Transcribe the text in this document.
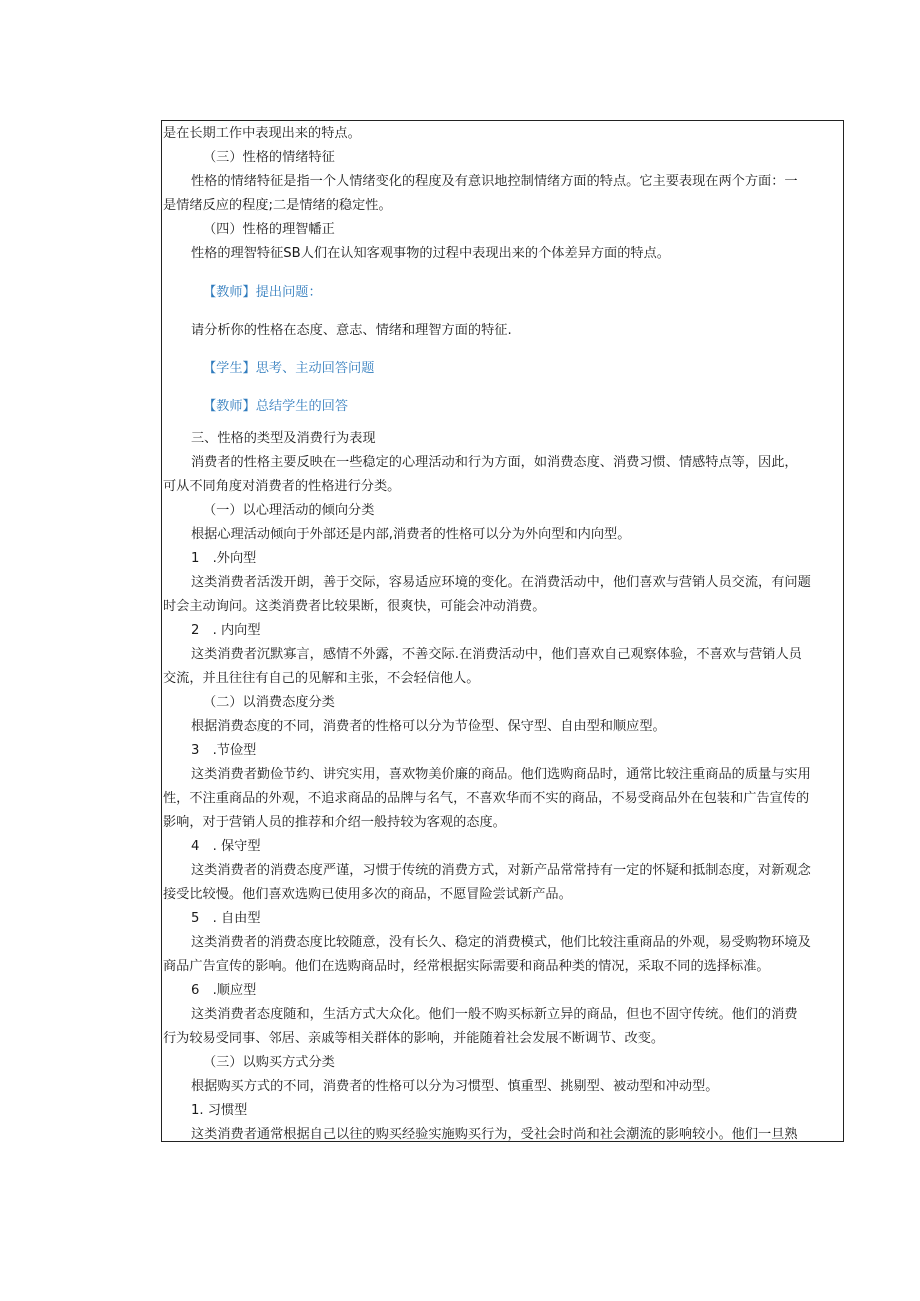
是在长期工作中表现出来的特点。
（三）性格的情绪特征
性格的情绪特征是指一个人情绪变化的程度及有意识地控制情绪方面的特点。它主要表现在两个方面：一
是情绪反应的程度;二是情绪的稳定性。
（四）性格的理智幡正
性格的理智特征SB人们在认知客观事物的过程中表现出来的个体差异方面的特点。
【教师】提出问题：
请分析你的性格在态度、意志、情绪和理智方面的特征.
【学生】思考、主动回答问题
【教师】总结学生的回答
三、性格的类型及消费行为表现
消费者的性格主要反映在一些稳定的心理活动和行为方面，如消费态度、消费习惯、情感特点等，因此，
可从不同角度对消费者的性格进行分类。
（一）以心理活动的倾向分类
根据心理活动倾向于外部还是内部,消费者的性格可以分为外向型和内向型。
1　.外向型
这类消费者活泼开朗，善于交际，容易适应环境的变化。在消费活动中，他们喜欢与营销人员交流，有问题
时会主动询问。这类消费者比较果断，很爽快，可能会冲动消费。
2　. 内向型
这类消费者沉默寡言，感情不外露，不善交际.在消费活动中，他们喜欢自己观察体验，不喜欢与营销人员
交流，并且往往有自己的见解和主张，不会轻信他人。
（二）以消费态度分类
根据消费态度的不同，消费者的性格可以分为节俭型、保守型、自由型和顺应型。
3　.节俭型
这类消费者勤俭节约、讲究实用，喜欢物美价廉的商品。他们选购商品时，通常比较注重商品的质量与实用
性，不注重商品的外观，不追求商品的品牌与名气，不喜欢华而不实的商品，不易受商品外在包装和广告宣传的
影响，对于营销人员的推荐和介绍一般持较为客观的态度。
4　. 保守型
这类消费者的消费态度严谨，习惯于传统的消费方式，对新产品常常持有一定的怀疑和抵制态度，对新观念
接受比较慢。他们喜欢选购已使用多次的商品，不愿冒险尝试新产品。
5　. 自由型
这类消费者的消费态度比较随意，没有长久、稳定的消费模式，他们比较注重商品的外观，易受购物环境及
商品广告宣传的影响。他们在选购商品时，经常根据实际需要和商品种类的情况，采取不同的选择标准。
6　.顺应型
这类消费者态度随和，生活方式大众化。他们一般不购买标新立异的商品，但也不固守传统。他们的消费
行为较易受同事、邻居、亲戚等相关群体的影响，并能随着社会发展不断调节、改变。
（三）以购买方式分类
根据购买方式的不同，消费者的性格可以分为习惯型、慎重型、挑剔型、被动型和冲动型。
1. 习惯型
这类消费者通常根据自己以往的购买经验实施购买行为，受社会时尚和社会潮流的影响较小。他们一旦熟
